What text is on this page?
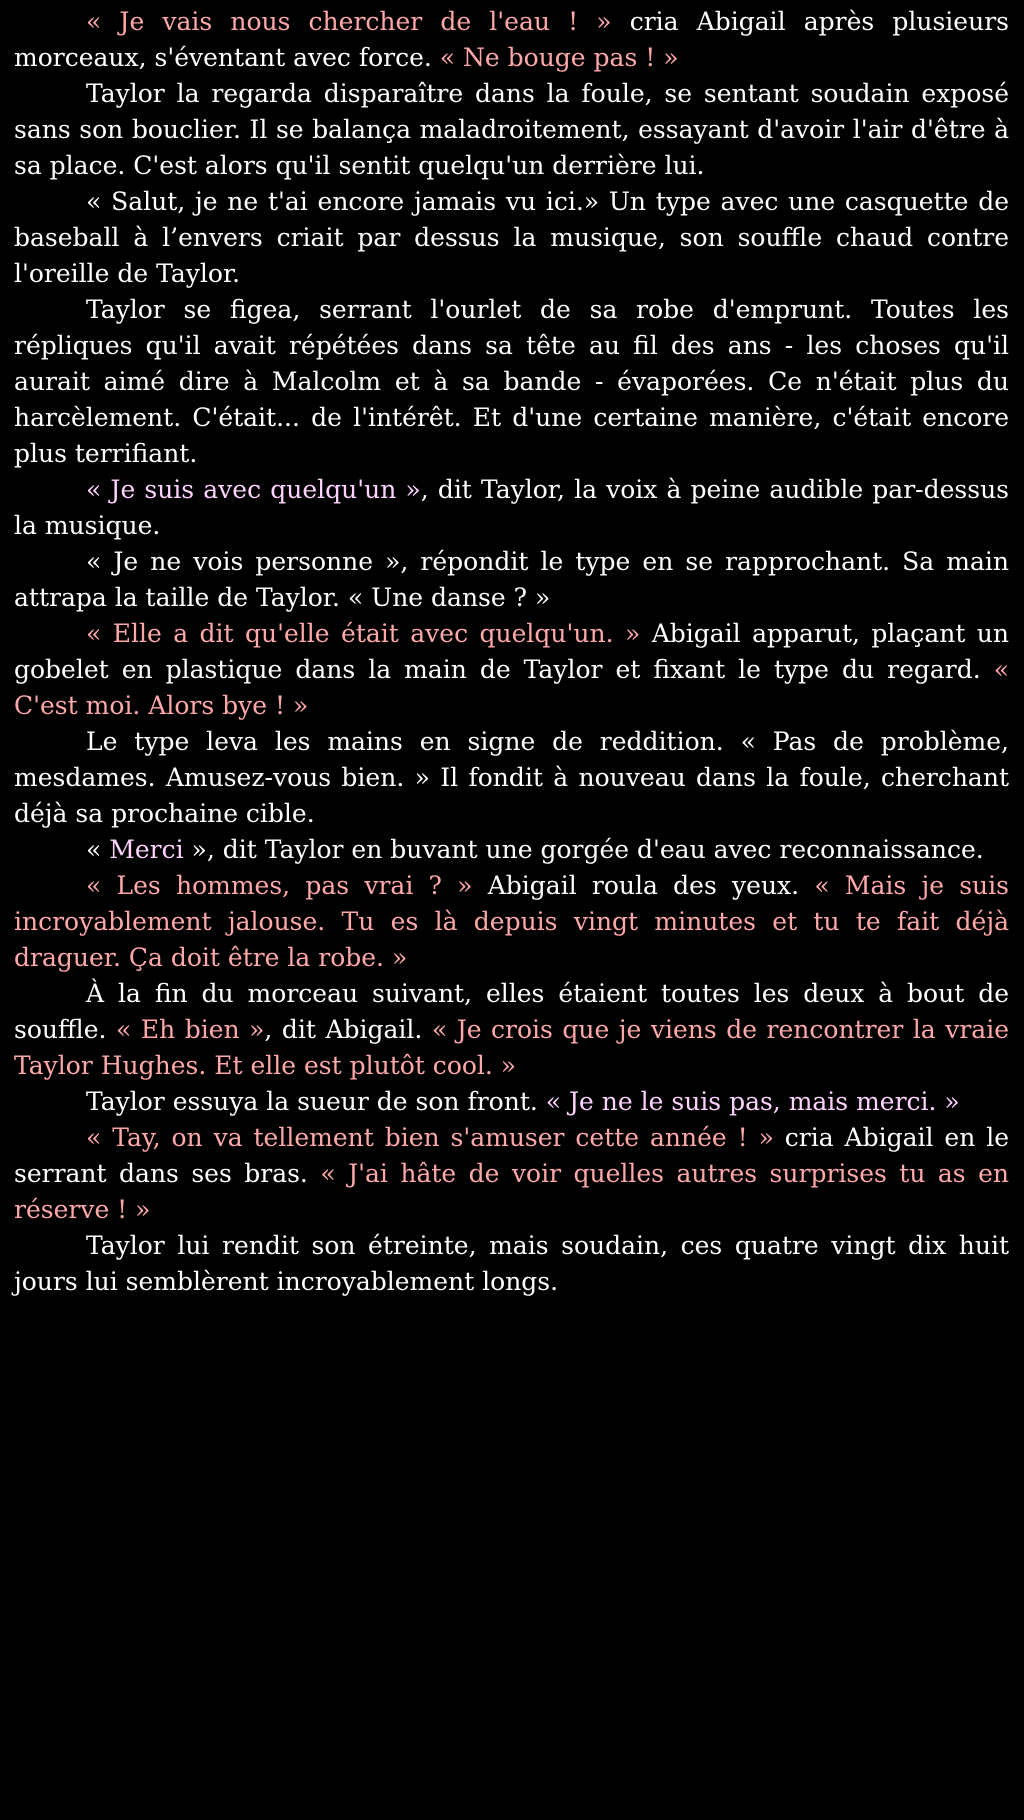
« Je vais nous chercher de l'eau ! » cria Abigail après plusieurs morceaux, s'éventant avec force. « Ne bouge pas ! »

Taylor la regarda disparaître dans la foule, se sentant soudain exposé sans son bouclier. Il se balança maladroitement, essayant d'avoir l'air d'être à sa place. C'est alors qu'il sentit quelqu'un derrière lui.

« Salut, je ne t'ai encore jamais vu ici.» Un type avec une casquette de baseball à l’envers criait par dessus la musique, son souffle chaud contre l'oreille de Taylor.

Taylor se figea, serrant l'ourlet de sa robe d'emprunt. Toutes les répliques qu'il avait répétées dans sa tête au fil des ans - les choses qu'il aurait aimé dire à Malcolm et à sa bande - évaporées. Ce n'était plus du harcèlement. C'était... de l'intérêt. Et d'une certaine manière, c'était encore plus terrifiant.

« Je suis avec quelqu'un », dit Taylor, la voix à peine audible par-dessus la musique.

« Je ne vois personne », répondit le type en se rapprochant. Sa main attrapa la taille de Taylor. « Une danse ? »

« Elle a dit qu'elle était avec quelqu'un. » Abigail apparut, plaçant un gobelet en plastique dans la main de Taylor et fixant le type du regard. « C'est moi. Alors bye ! »

Le type leva les mains en signe de reddition. « Pas de problème, mesdames. Amusez-vous bien. » Il fondit à nouveau dans la foule, cherchant déjà sa prochaine cible.

« Merci », dit Taylor en buvant une gorgée d'eau avec reconnaissance.

« Les hommes, pas vrai ? » Abigail roula des yeux. « Mais je suis incroyablement jalouse. Tu es là depuis vingt minutes et tu te fait déjà draguer. Ça doit être la robe. »

À la fin du morceau suivant, elles étaient toutes les deux à bout de souffle. « Eh bien », dit Abigail. « Je crois que je viens de rencontrer la vraie Taylor Hughes. Et elle est plutôt cool. »

Taylor essuya la sueur de son front. « Je ne le suis pas, mais merci. »

« Tay, on va tellement bien s'amuser cette année ! » cria Abigail en le serrant dans ses bras. « J'ai hâte de voir quelles autres surprises tu as en réserve ! »

Taylor lui rendit son étreinte, mais soudain, ces quatre vingt dix huit jours lui semblèrent incroyablement longs.
